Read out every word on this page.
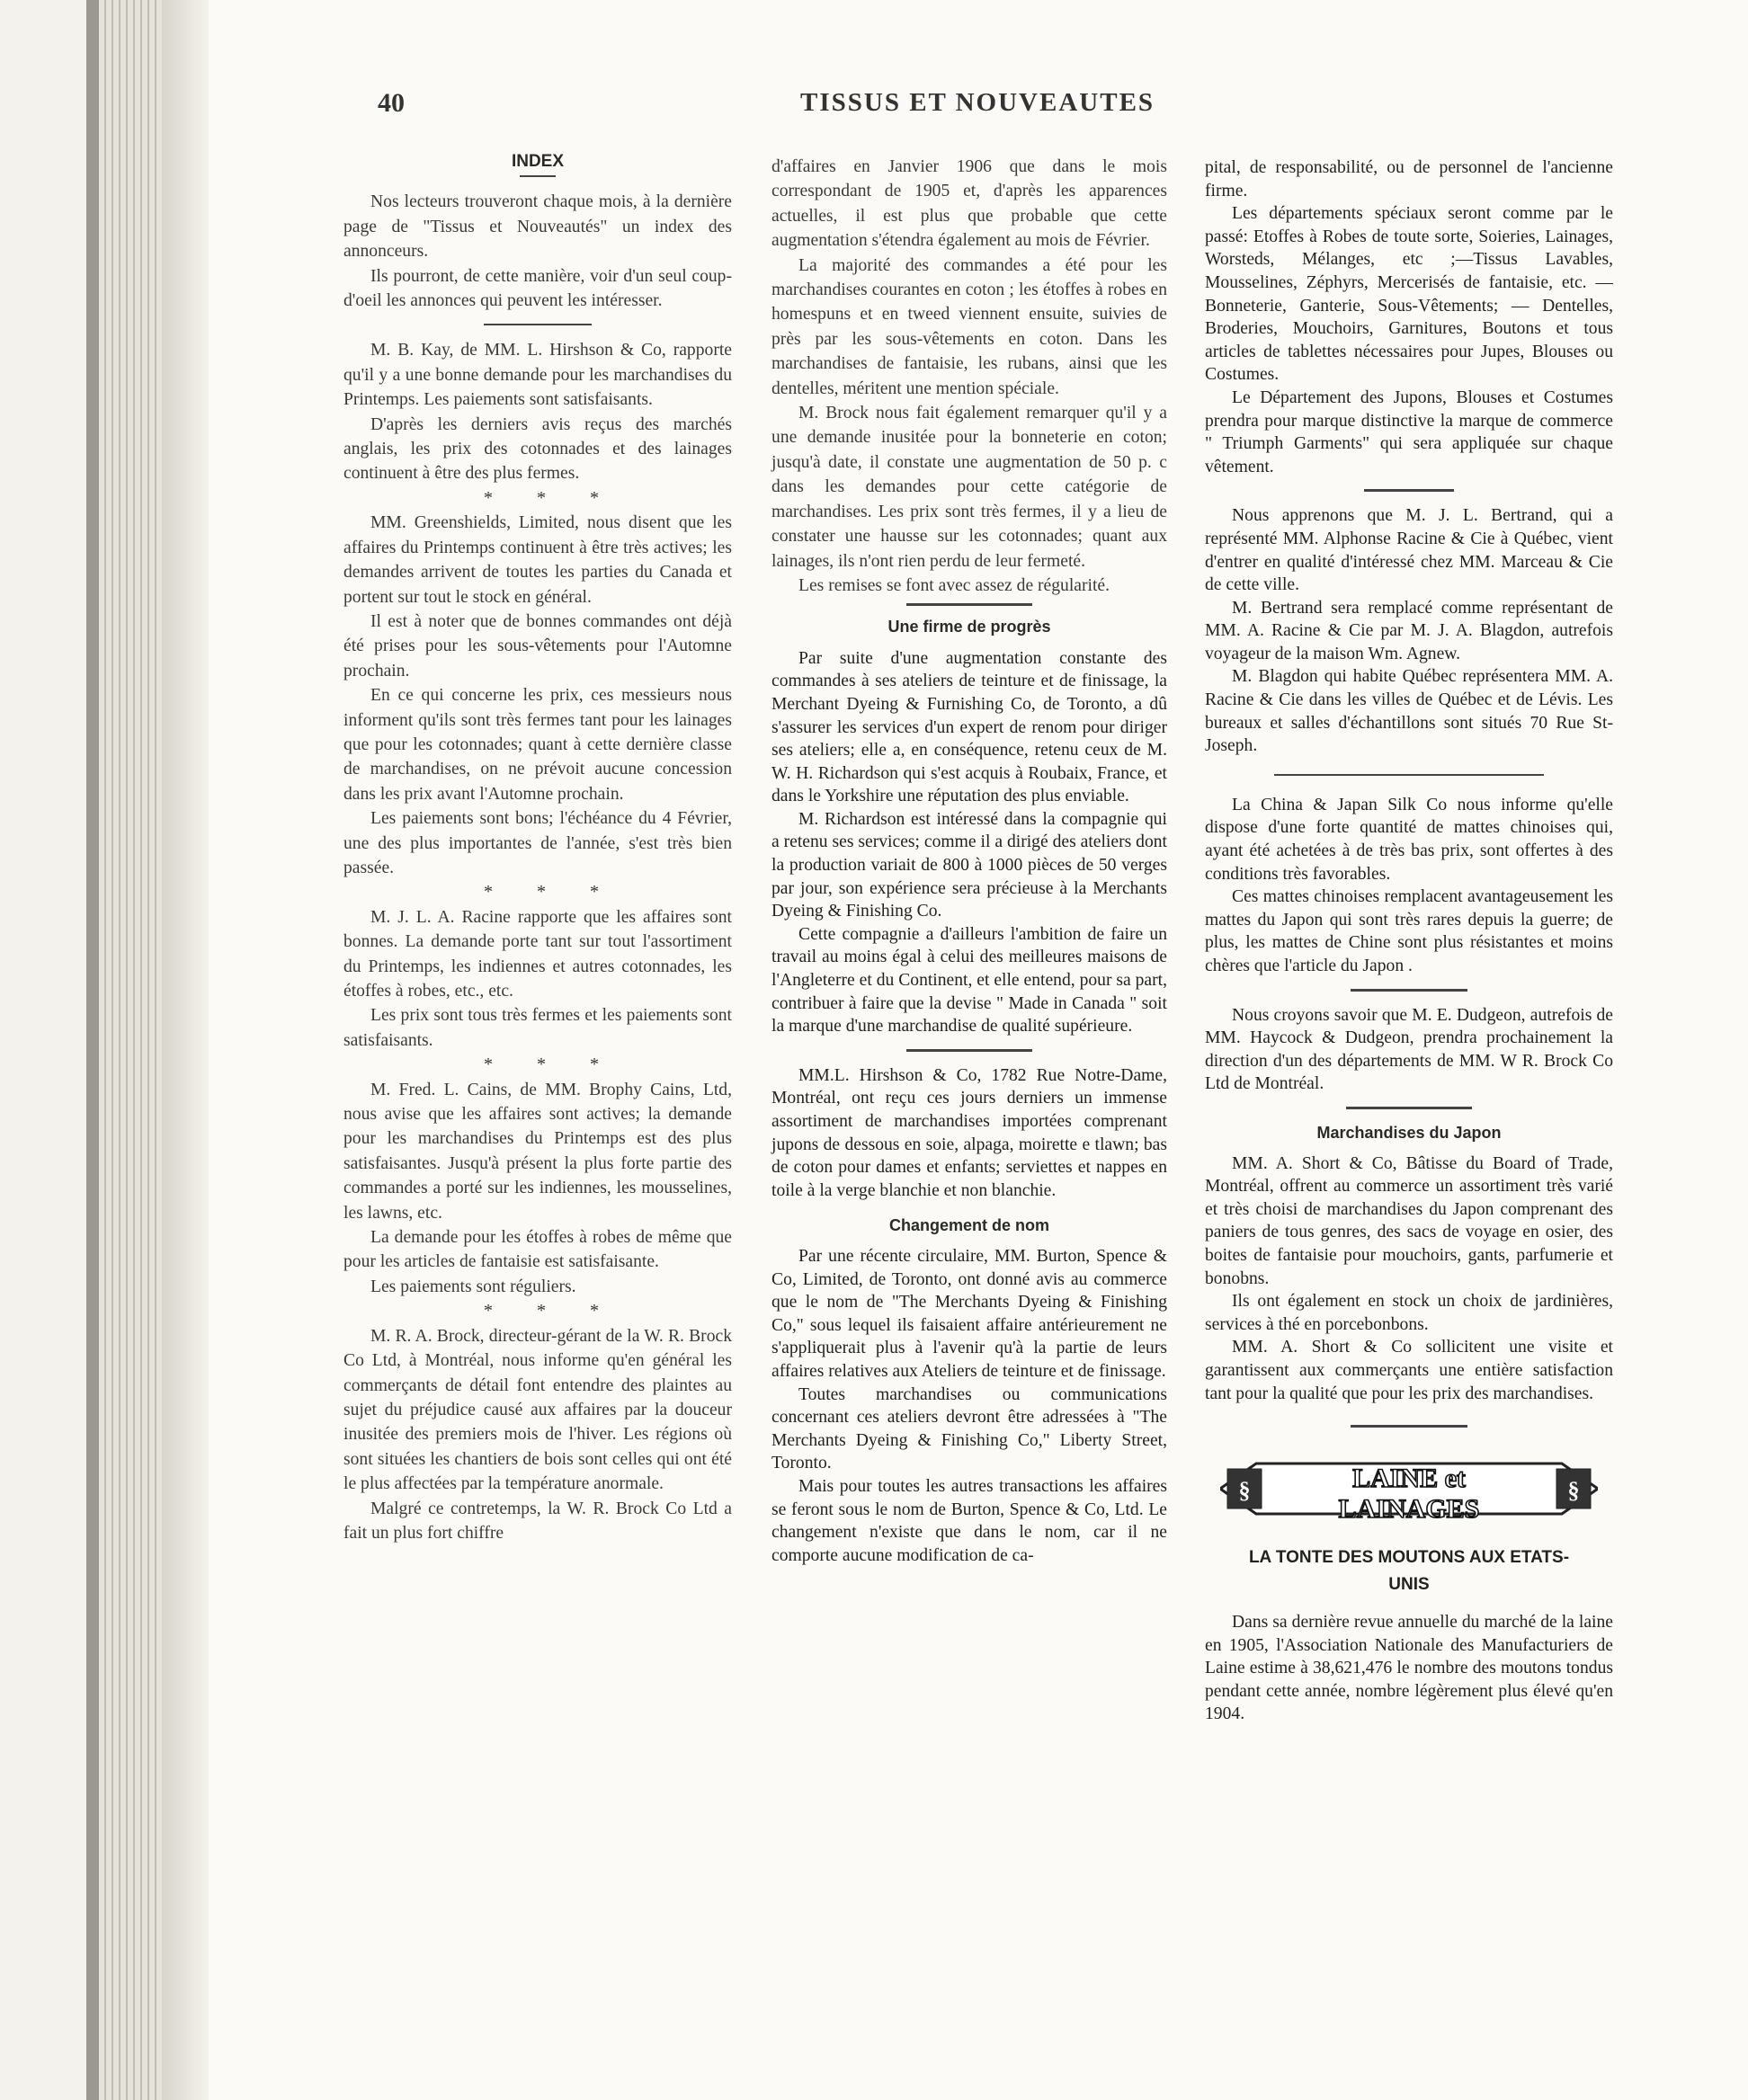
40	TISSUS ET NOUVEAUTES
INDEX

Nos lecteurs trouveront chaque mois, à la dernière page de "Tissus et Nouveautés" un index des annonceurs.

Ils pourront, de cette manière, voir d'un seul coup-d'oeil les annonces qui peuvent les intéresser.

M. B. Kay, de MM. L. Hirshson & Co, rapporte qu'il y a une bonne demande pour les marchandises du Printemps. Les paiements sont satisfaisants.

D'après les derniers avis reçus des marchés anglais, les prix des cotonnades et des lainages continuent à être des plus fermes.

* * *

MM. Greenshields, Limited, nous disent que les affaires du Printemps continuent à être très actives; les demandes arrivent de toutes les parties du Canada et portent sur tout le stock en général.

Il est à noter que de bonnes commandes ont déjà été prises pour les sous-vêtements pour l'Automne prochain.

En ce qui concerne les prix, ces messieurs nous informent qu'ils sont très fermes tant pour les lainages que pour les cotonnades; quant à cette dernière classe de marchandises, on ne prévoit aucune concession dans les prix avant l'Automne prochain.

Les paiements sont bons; l'échéance du 4 Février, une des plus importantes de l'année, s'est très bien passée.

* * *

M. J. L. A. Racine rapporte que les affaires sont bonnes. La demande porte tant sur tout l'assortiment du Printemps, les indiennes et autres cotonnades, les étoffes à robes, etc., etc.

Les prix sont tous très fermes et les paiements sont satisfaisants.

* * *

M. Fred. L. Cains, de MM. Brophy Cains, Ltd, nous avise que les affaires sont actives; la demande pour les marchandises du Printemps est des plus satisfaisantes. Jusqu'à présent la plus forte partie des commandes a porté sur les indiennes, les mousselines, les lawns, etc.

La demande pour les étoffes à robes de même que pour les articles de fantaisie est satisfaisante.

Les paiements sont réguliers.

* * *

M. R. A. Brock, directeur-gérant de la W. R. Brock Co Ltd, à Montréal, nous informe qu'en général les commerçants de détail font entendre des plaintes au sujet du préjudice causé aux affaires par la douceur inusitée des premiers mois de l'hiver. Les régions où sont situées les chantiers de bois sont celles qui ont été le plus affectées par la température anormale.

Malgré ce contretemps, la W. R. Brock Co Ltd a fait un plus fort chiffre

d'affaires en Janvier 1906 que dans le mois correspondant de 1905 et, d'après les apparences actuelles, il est plus que probable que cette augmentation s'étendra également au mois de Février.

La majorité des commandes a été pour les marchandises courantes en coton ; les étoffes à robes en homespuns et en tweed viennent ensuite, suivies de près par les sous-vêtements en coton. Dans les marchandises de fantaisie, les rubans, ainsi que les dentelles, méritent une mention spéciale.

M. Brock nous fait également remarquer qu'il y a une demande inusitée pour la bonneterie en coton; jusqu'à date, il constate une augmentation de 50 p. c dans les demandes pour cette catégorie de marchandises. Les prix sont très fermes, il y a lieu de constater une hausse sur les cotonnades; quant aux lainages, ils n'ont rien perdu de leur fermeté.

Les remises se font avec assez de régularité.

Une firme de progrès

Par suite d'une augmentation constante des commandes à ses ateliers de teinture et de finissage, la Merchant Dyeing & Furnishing Co, de Toronto, a dû s'assurer les services d'un expert de renom pour diriger ses ateliers; elle a, en conséquence, retenu ceux de M. W. H. Richardson qui s'est acquis à Roubaix, France, et dans le Yorkshire une réputation des plus enviable.

M. Richardson est intéressé dans la compagnie qui a retenu ses services; comme il a dirigé des ateliers dont la production variait de 800 à 1000 pièces de 50 verges par jour, son expérience sera précieuse à la Merchants Dyeing & Finishing Co.

Cette compagnie a d'ailleurs l'ambition de faire un travail au moins égal à celui des meilleures maisons de l'Angleterre et du Continent, et elle entend, pour sa part, contribuer à faire que la devise " Made in Canada " soit la marque d'une marchandise de qualité supérieure.

MM.L. Hirshson & Co, 1782 Rue Notre-Dame, Montréal, ont reçu ces jours derniers un immense assortiment de marchandises importées comprenant jupons de dessous en soie, alpaga, moirette e tlawn; bas de coton pour dames et enfants; serviettes et nappes en toile à la verge blanchie et non blanchie.

Changement de nom

Par une récente circulaire, MM. Burton, Spence & Co, Limited, de Toronto, ont donné avis au commerce que le nom de "The Merchants Dyeing & Finishing Co," sous lequel ils faisaient affaire antérieurement ne s'appliquerait plus à l'avenir qu'à la partie de leurs affaires relatives aux Ateliers de teinture et de finissage.

Toutes marchandises ou communications concernant ces ateliers devront être adressées à "The Merchants Dyeing & Finishing Co," Liberty Street, Toronto.

Mais pour toutes les autres transactions les affaires se feront sous le nom de Burton, Spence & Co, Ltd. Le changement n'existe que dans le nom, car il ne comporte aucune modification de ca-

pital, de responsabilité, ou de personnel de l'ancienne firme.

Les départements spéciaux seront comme par le passé: Etoffes à Robes de toute sorte, Soieries, Lainages, Worsteds, Mélanges, etc ;—Tissus Lavables, Mousselines, Zéphyrs, Mercerisés de fantaisie, etc. — Bonneterie, Ganterie, Sous-Vêtements; — Dentelles, Broderies, Mouchoirs, Garnitures, Boutons et tous articles de tablettes nécessaires pour Jupes, Blouses ou Costumes.

Le Département des Jupons, Blouses et Costumes prendra pour marque distinctive la marque de commerce " Triumph Garments" qui sera appliquée sur chaque vêtement.

Nous apprenons que M. J. L. Bertrand, qui a représenté MM. Alphonse Racine & Cie à Québec, vient d'entrer en qualité d'intéressé chez MM. Marceau & Cie de cette ville.

M. Bertrand sera remplacé comme représentant de MM. A. Racine & Cie par M. J. A. Blagdon, autrefois voyageur de la maison Wm. Agnew.

M. Blagdon qui habite Québec représentera MM. A. Racine & Cie dans les villes de Québec et de Lévis. Les bureaux et salles d'échantillons sont situés 70 Rue St-Joseph.

La China & Japan Silk Co nous informe qu'elle dispose d'une forte quantité de mattes chinoises qui, ayant été achetées à de très bas prix, sont offertes à des conditions très favorables.

Ces mattes chinoises remplacent avantageusement les mattes du Japon qui sont très rares depuis la guerre; de plus, les mattes de Chine sont plus résistantes et moins chères que l'article du Japon .

Nous croyons savoir que M. E. Dudgeon, autrefois de MM. Haycock & Dudgeon, prendra prochainement la direction d'un des départements de MM. W R. Brock Co Ltd de Montréal.

Marchandises du Japon

MM. A. Short & Co, Bâtisse du Board of Trade, Montréal, offrent au commerce un assortiment très varié et très choisi de marchandises du Japon comprenant des paniers de tous genres, des sacs de voyage en osier, des boites de fantaisie pour mouchoirs, gants, parfumerie et bonobns.

Ils ont également en stock un choix de jardinières, services à thé en porcebonbons.

MM. A. Short & Co sollicitent une visite et garantissent aux commerçants une entière satisfaction tant pour la qualité que pour les prix des marchandises.

§	§
LAINE et
LAINAGES
LA TONTE DES MOUTONS AUX ETATS-UNIS

Dans sa dernière revue annuelle du marché de la laine en 1905, l'Association Nationale des Manufacturiers de Laine estime à 38,621,476 le nombre des moutons tondus pendant cette année, nombre légèrement plus élevé qu'en 1904.
